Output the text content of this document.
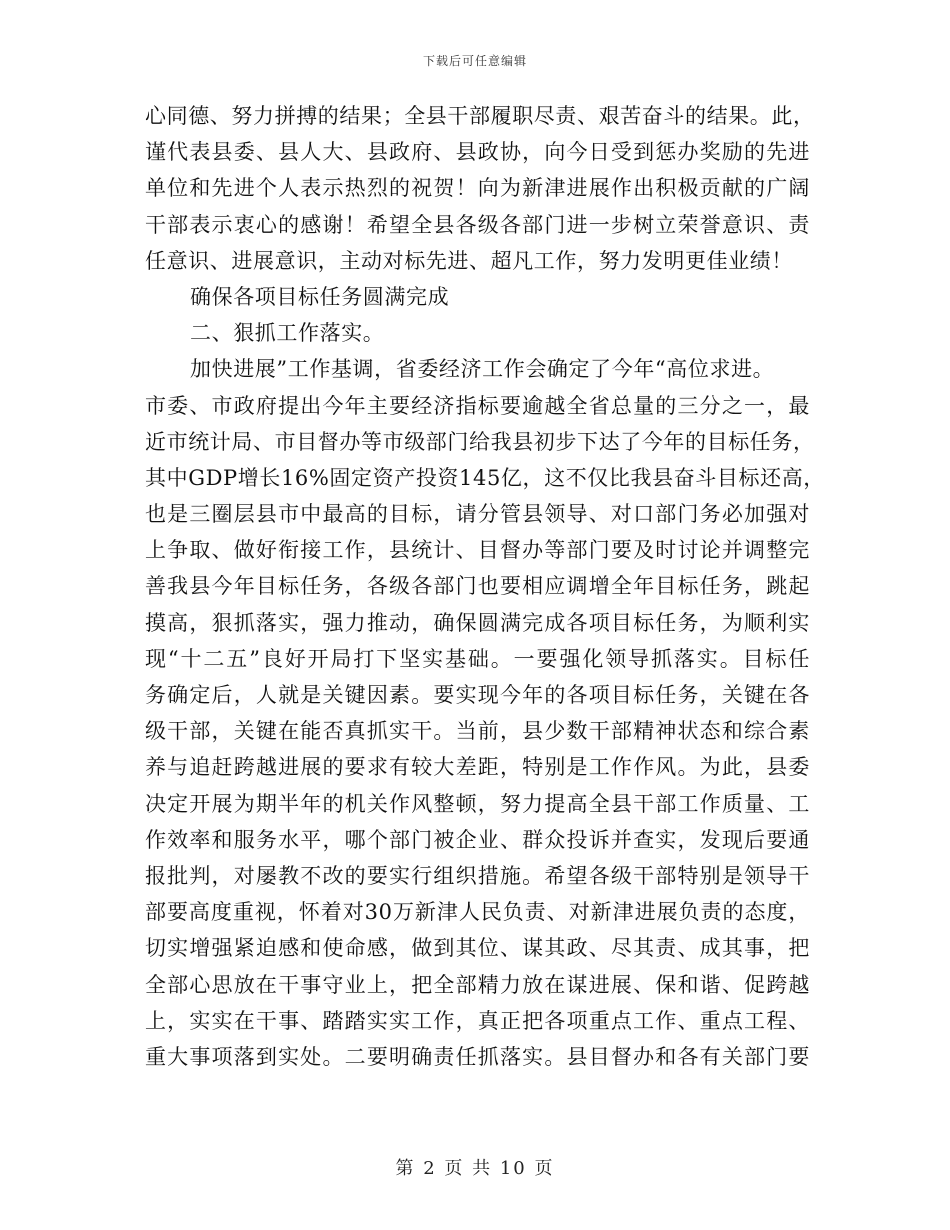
下载后可任意编辑
心同德、努力拼搏的结果；全县干部履职尽责、艰苦奋斗的结果。此，
谨代表县委、县人大、县政府、县政协，向今日受到惩办奖励的先进
单位和先进个人表示热烈的祝贺！向为新津进展作出积极贡献的广阔
干部表示衷心的感谢！希望全县各级各部门进一步树立荣誉意识、责
任意识、进展意识，主动对标先进、超凡工作，努力发明更佳业绩！
确保各项目标任务圆满完成
二、狠抓工作落实。
加快进展”工作基调，省委经济工作会确定了今年“高位求进。
市委、市政府提出今年主要经济指标要逾越全省总量的三分之一，最
近市统计局、市目督办等市级部门给我县初步下达了今年的目标任务，
其中GDP增长16%固定资产投资145亿，这不仅比我县奋斗目标还高，
也是三圈层县市中最高的目标，请分管县领导、对口部门务必加强对
上争取、做好衔接工作，县统计、目督办等部门要及时讨论并调整完
善我县今年目标任务，各级各部门也要相应调增全年目标任务，跳起
摸高，狠抓落实，强力推动，确保圆满完成各项目标任务，为顺利实
现“十二五”良好开局打下坚实基础。一要强化领导抓落实。目标任
务确定后，人就是关键因素。要实现今年的各项目标任务，关键在各
级干部，关键在能否真抓实干。当前，县少数干部精神状态和综合素
养与追赶跨越进展的要求有较大差距，特别是工作作风。为此，县委
决定开展为期半年的机关作风整顿，努力提高全县干部工作质量、工
作效率和服务水平，哪个部门被企业、群众投诉并查实，发现后要通
报批判，对屡教不改的要实行组织措施。希望各级干部特别是领导干
部要高度重视，怀着对30万新津人民负责、对新津进展负责的态度，
切实增强紧迫感和使命感，做到其位、谋其政、尽其责、成其事，把
全部心思放在干事守业上，把全部精力放在谋进展、保和谐、促跨越
上，实实在干事、踏踏实实工作，真正把各项重点工作、重点工程、
重大事项落到实处。二要明确责任抓落实。县目督办和各有关部门要
第 2 页 共 10 页
